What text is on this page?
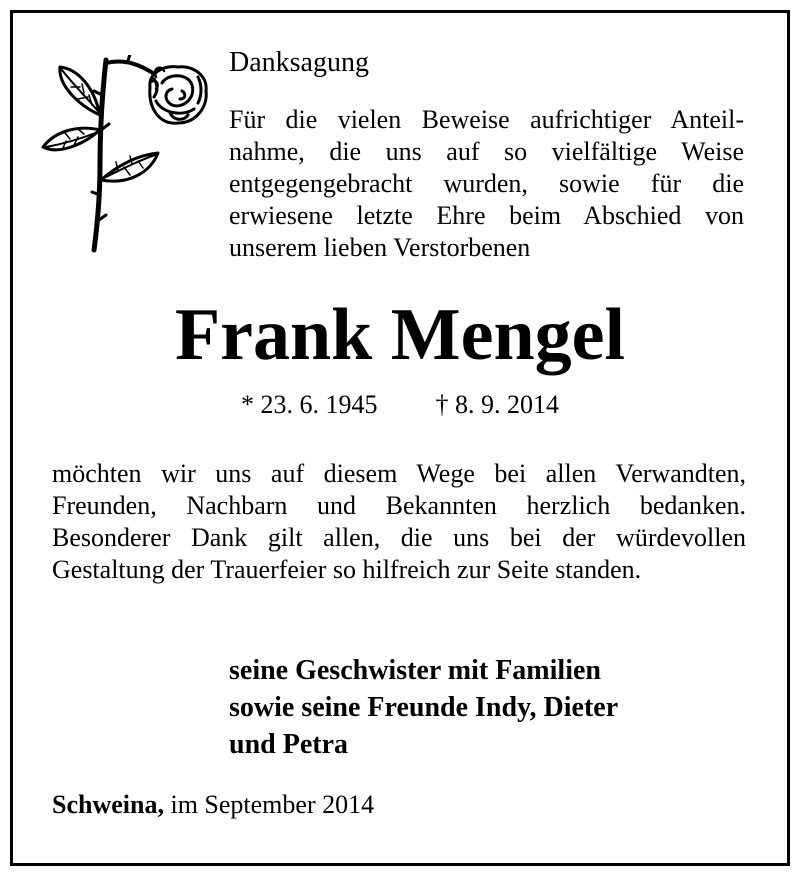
Danksagung
Für die vielen Beweise aufrichtiger Anteil-
nahme, die uns auf so vielfältige Weise
entgegengebracht wurden, sowie für die
erwiesene letzte Ehre beim Abschied von
unserem lieben Verstorbenen
Frank Mengel
* 23. 6. 1945 † 8. 9. 2014
möchten wir uns auf diesem Wege bei allen Verwandten,
Freunden, Nachbarn und Bekannten herzlich bedanken.
Besonderer Dank gilt allen, die uns bei der würdevollen
Gestaltung der Trauerfeier so hilfreich zur Seite standen.
seine Geschwister mit Familien
sowie seine Freunde Indy, Dieter
und Petra
Schweina, im September 2014
